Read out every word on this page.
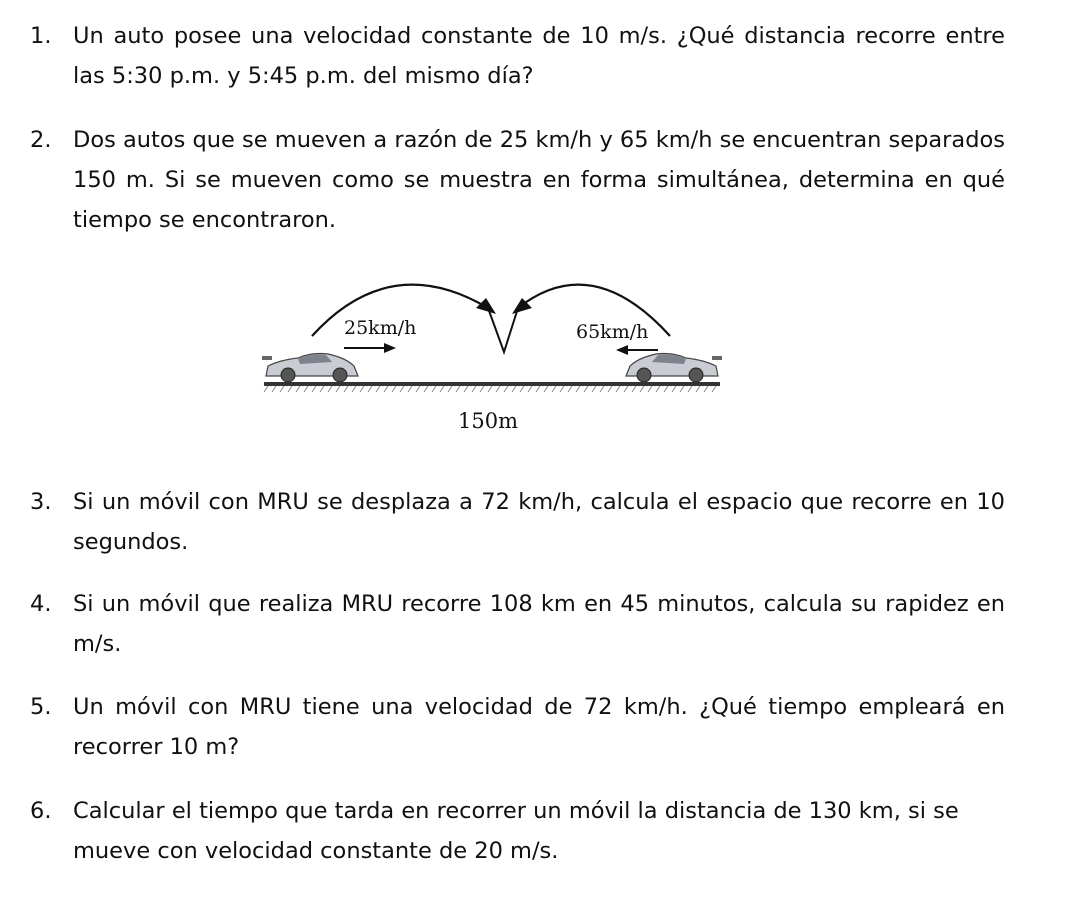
1. Un auto posee una velocidad constante de 10 m/s. ¿Qué distancia recorre entre las 5:30 p.m. y 5:45 p.m. del mismo día?
2. Dos autos que se mueven a razón de 25 km/h y 65 km/h se encuentran separados 150 m. Si se mueven como se muestra en forma simultánea, determina en qué tiempo se encontraron.
25km/h	65km/h
150m
3. Si un móvil con MRU se desplaza a 72 km/h, calcula el espacio que recorre en 10 segundos.
4. Si un móvil que realiza MRU recorre 108 km en 45 minutos, calcula su rapidez en m/s.
5. Un móvil con MRU tiene una velocidad de 72 km/h. ¿Qué tiempo empleará en recorrer 10 m?
6. Calcular el tiempo que tarda en recorrer un móvil la distancia de 130 km, si se mueve con velocidad constante de 20 m/s.
